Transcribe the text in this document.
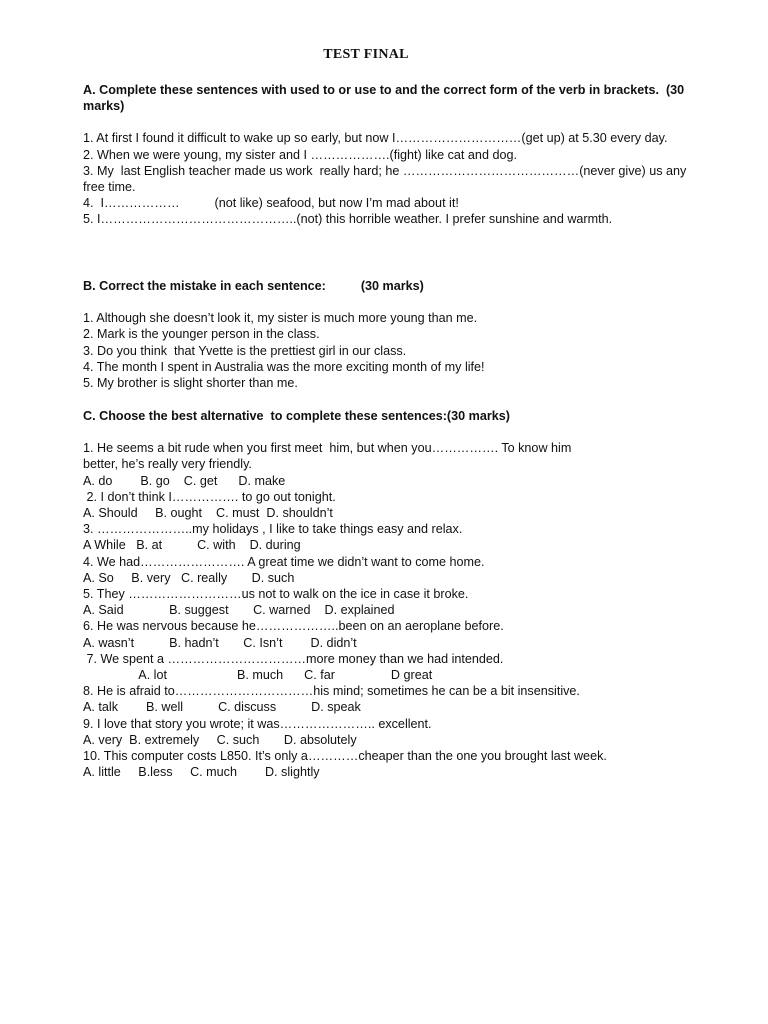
TEST FINAL
A. Complete these sentences with used to or use to and the correct form of the verb in brackets.  (30 marks)
1. At first I found it difficult to wake up so early, but now I…………………………(get up) at 5.30 every day.
2. When we were young, my sister and I ……………….(fight) like cat and dog.
3. My  last English teacher made us work  really hard; he ……………………………………(never give) us any free time.
4.  I………………          (not like) seafood, but now I’m mad about it!
5. I………………………………………..(not) this horrible weather. I prefer sunshine and warmth.
B. Correct the mistake in each sentence:          (30 marks)
1. Although she doesn’t look it, my sister is much more young than me.
2. Mark is the younger person in the class.
3. Do you think  that Yvette is the prettiest girl in our class.
4. The month I spent in Australia was the more exciting month of my life!
5. My brother is slight shorter than me.
C. Choose the best alternative  to complete these sentences:(30 marks)
1. He seems a bit rude when you first meet  him, but when you……………. To know him
better, he’s really very friendly.
A. do        B. go    C. get      D. make
2. I don’t think I……………. to go out tonight.
A. Should     B. ought    C. must  D. shouldn’t
3. …………………..my holidays , I like to take things easy and relax.
A While   B. at          C. with    D. during
4. We had……………………. A great time we didn’t want to come home.
A. So     B. very   C. really       D. such
5. They ………………………us not to walk on the ice in case it broke.
A. Said             B. suggest       C. warned    D. explained
6. He was nervous because he………………..been on an aeroplane before.
A. wasn’t          B. hadn’t       C. Isn’t        D. didn’t
7. We spent a ……………………………more money than we had intended.
A. lot                    B. much      C. far                D great
8. He is afraid to……………………………his mind; sometimes he can be a bit insensitive.
A. talk        B. well          C. discuss          D. speak
9. I love that story you wrote; it was………………….. excellent.
A. very  B. extremely     C. such       D. absolutely
10. This computer costs L850. It’s only a…………cheaper than the one you brought last week.
A. little     B.less     C. much        D. slightly
